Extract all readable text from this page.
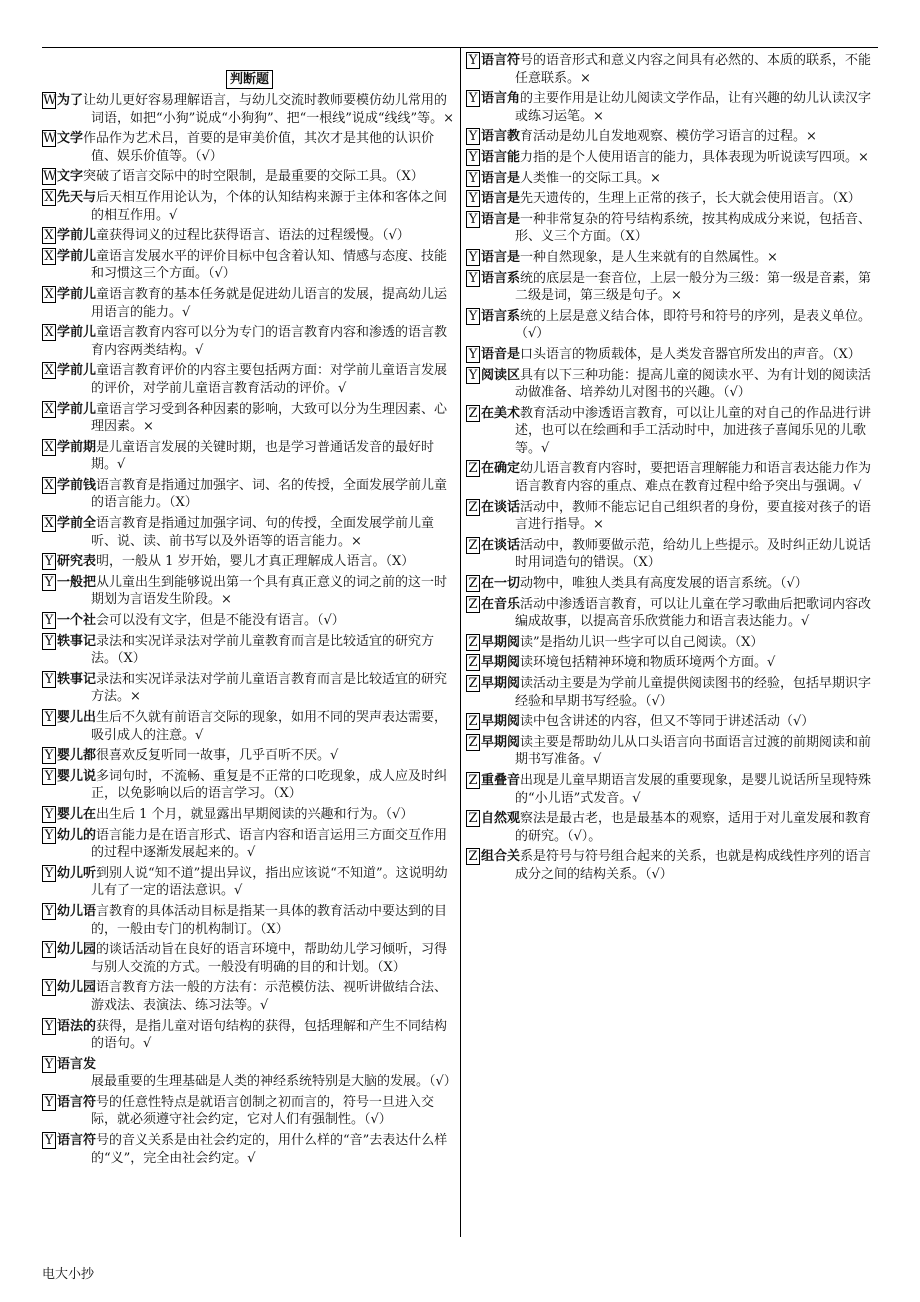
判断题
W为了让幼儿更好容易理解语言，与幼儿交流时教师要模仿幼儿常用的词语，如把“小狗”说成“小狗狗”、把“一根线”说成“线线”等。×
W文学作品作为艺术吕，首要的是审美价值，其次才是其他的认识价值、娱乐价值等。（√）
W文字突破了语言交际中的时空限制，是最重要的交际工具。（X）
X 先天与后天相互作用论认为，个体的认知结构来源于主体和客体之间的相互作用。√
X 学前儿童获得词义的过程比获得语言、语法的过程缓慢。（√）
X 学前儿童语言发展水平的评价目标中包含着认知、情感与态度、技能和习惯这三个方面。（√）
X 学前儿童语言教育的基本任务就是促进幼儿语言的发展，提高幼儿运用语言的能力。√
X 学前儿童语言教育内容可以分为专门的语言教育内容和渗透的语言教育内容两类结构。√
X 学前儿童语言教育评价的内容主要包括两方面：对学前儿童语言发展的评价，对学前儿童语言教育活动的评价。√
X 学前儿童语言学习受到各种因素的影响，大致可以分为生理因素、心理因素。×
X 学前期是儿童语言发展的关键时期，也是学习普通话发音的最好时期。√
X 学前钱语言教育是指通过加强字、词、名的传授，全面发展学前儿童的语言能力。（X）
X 学前全语言教育是指通过加强字词、句的传授，全面发展学前儿童听、说、读、前书写以及外语等的语言能力。×
Y 研究表明，一般从 1 岁开始，婴儿才真正理解成人语言。（X）
Y 一般把从儿童出生到能够说出第一个具有真正意义的词之前的这一时期划为言语发生阶段。×
Y 一个社会可以没有文字，但是不能没有语言。（√）
Y 轶事记录法和实况详录法对学前儿童教育而言是比较适宜的研究方法。（X）
Y 轶事记录法和实况详录法对学前儿童语言教育而言是比较适宜的研究方法。×
Y 婴儿出生后不久就有前语言交际的现象，如用不同的哭声表达需要，吸引成人的注意。√
Y 婴儿都很喜欢反复听同一故事，几乎百听不厌。√
Y 婴儿说多词句时，不流畅、重复是不正常的口吃现象，成人应及时纠正，以免影响以后的语言学习。（X）
Y 婴儿在出生后 1 个月，就显露出早期阅读的兴趣和行为。（√）
Y 幼儿的语言能力是在语言形式、语言内容和语言运用三方面交互作用的过程中逐渐发展起来的。√
Y 幼儿听到别人说“知不道”提出异议，指出应该说“不知道”。这说明幼儿有了一定的语法意识。√
Y 幼儿语言教育的具体活动目标是指某一具体的教育活动中要达到的目的，一般由专门的机构制订。（X）
Y 幼儿园的谈话活动旨在良好的语言环境中，帮助幼儿学习倾听，习得与别人交流的方式。一般没有明确的目的和计划。（X）
Y 幼儿园语言教育方法一般的方法有：示范模仿法、视听讲做结合法、游戏法、表演法、练习法等。√
Y 语法的获得，是指儿童对语句结构的获得，包括理解和产生不同结构的语句。√
Y 语言发展最重要的生理基础是人类的神经系统特别是大脑的发展。（√）
Y 语言符号的任意性特点是就语言创制之初而言的，符号一旦进入交际，就必须遵守社会约定，它对人们有强制性。（√）
Y 语言符号的音义关系是由社会约定的，用什么样的“音”去表达什么样的“义”，完全由社会约定。√
Y 语言符号的语音形式和意义内容之间具有必然的、本质的联系，不能任意联系。×
Y 语言角的主要作用是让幼儿阅读文学作品，让有兴趣的幼儿认读汉字或练习运笔。×
Y 语言教育活动是幼儿自发地观察、模仿学习语言的过程。×
Y 语言能力指的是个人使用语言的能力，具体表现为听说读写四项。×
Y 语言是人类惟一的交际工具。×
Y 语言是先天遗传的，生理上正常的孩子，长大就会使用语言。（X）
Y 语言是一种非常复杂的符号结构系统，按其构成成分来说，包括音、形、义三个方面。（X）
Y 语言是一种自然现象，是人生来就有的自然属性。×
Y 语言系统的底层是一套音位，上层一般分为三级：第一级是音素，第二级是词，第三级是句子。×
Y 语言系统的上层是意义结合体，即符号和符号的序列，是表义单位。（√）
Y 语音是口头语言的物质载体，是人类发音器官所发出的声音。（X）
Y 阅读区具有以下三种功能：提高儿童的阅读水平、为有计划的阅读活动做准备、培养幼儿对图书的兴趣。（√）
Z 在美术教育活动中渗透语言教育，可以让儿童的对自己的作品进行讲述，也可以在绘画和手工活动时中，加进孩子喜闻乐见的儿歌等。√
Z 在确定幼儿语言教育内容时，要把语言理解能力和语言表达能力作为语言教育内容的重点、难点在教育过程中给予突出与强调。√
Z 在谈话活动中，教师不能忘记自己组织者的身份，要直接对孩子的语言进行指导。×
Z 在谈话活动中，教师要做示范，给幼儿上些提示。及时纠正幼儿说话时用词造句的错误。（X）
Z 在一切动物中，唯独人类具有高度发展的语言系统。（√）
Z 在音乐活动中渗透语言教育，可以让儿童在学习歌曲后把歌词内容改编成故事，以提高音乐欣赏能力和语言表达能力。√
Z 早期阅读”是指幼儿识一些字可以自己阅读。（X）
Z 早期阅读环境包括精神环境和物质环境两个方面。√
Z 早期阅读活动主要是为学前儿童提供阅读图书的经验，包括早期识字经验和早期书写经验。（√）
Z 早期阅读中包含讲述的内容，但又不等同于讲述活动（√）
Z 早期阅读主要是帮助幼儿从口头语言向书面语言过渡的前期阅读和前期书写准备。√
Z 重叠音出现是儿童早期语言发展的重要现象，是婴儿说话所呈现特殊的“小儿语”式发音。√
Z 自然观察法是最古老，也是最基本的观察，适用于对儿童发展和教育的研究。（√）。
Z 组合关系是符号与符号组合起来的关系，也就是构成线性序列的语言成分之间的结构关系。（√）
电大小抄
